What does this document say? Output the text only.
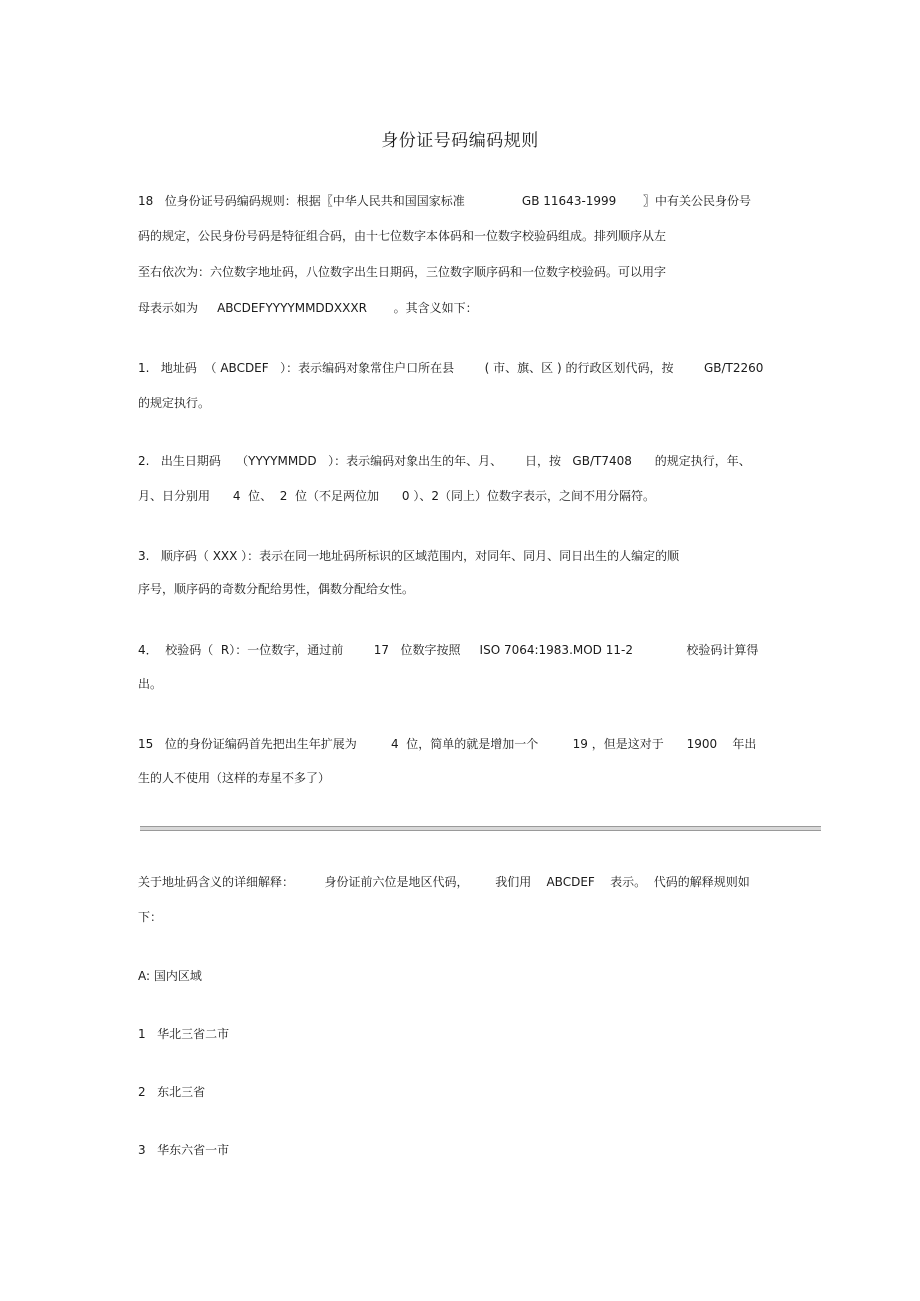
身份证号码编码规则
18   位身份证号码编码规则：根据〖中华人民共和国国家标准               GB 11643-1999       〗中有关公民身份号
码的规定，公民身份号码是特征组合码，由十七位数字本体码和一位数字校验码组成。排列顺序从左
至右依次为：六位数字地址码，八位数字出生日期码，三位数字顺序码和一位数字校验码。可以用字
母表示如为     ABCDEFYYYYMMDDXXXR       。其含义如下：
1.   地址码  （ ABCDEF   ）：表示编码对象常住户口所在县        ( 市、旗、区 ) 的行政区划代码，按        GB/T2260
的规定执行。
2.   出生日期码    （YYYYMMDD   ）：表示编码对象出生的年、月、      日，按   GB/T7408      的规定执行，年、
月、日分别用      4  位、  2  位（不足两位加      0 ）、2（同上）位数字表示，之间不用分隔符。
3.   顺序码（ XXX ）：表示在同一地址码所标识的区域范围内，对同年、同月、同日出生的人编定的顺
序号，顺序码的奇数分配给男性，偶数分配给女性。
4．  校验码（  R）：一位数字，通过前        17   位数字按照     ISO 7064:1983.MOD 11-2              校验码计算得
出。
15   位的身份证编码首先把出生年扩展为         4  位，简单的就是增加一个         19 ，但是这对于      1900    年出
生的人不使用（这样的寿星不多了）
关于地址码含义的详细解释：        身份证前六位是地区代码，       我们用    ABCDEF    表示。  代码的解释规则如
下：
A: 国内区域
1   华北三省二市
2   东北三省
3   华东六省一市
